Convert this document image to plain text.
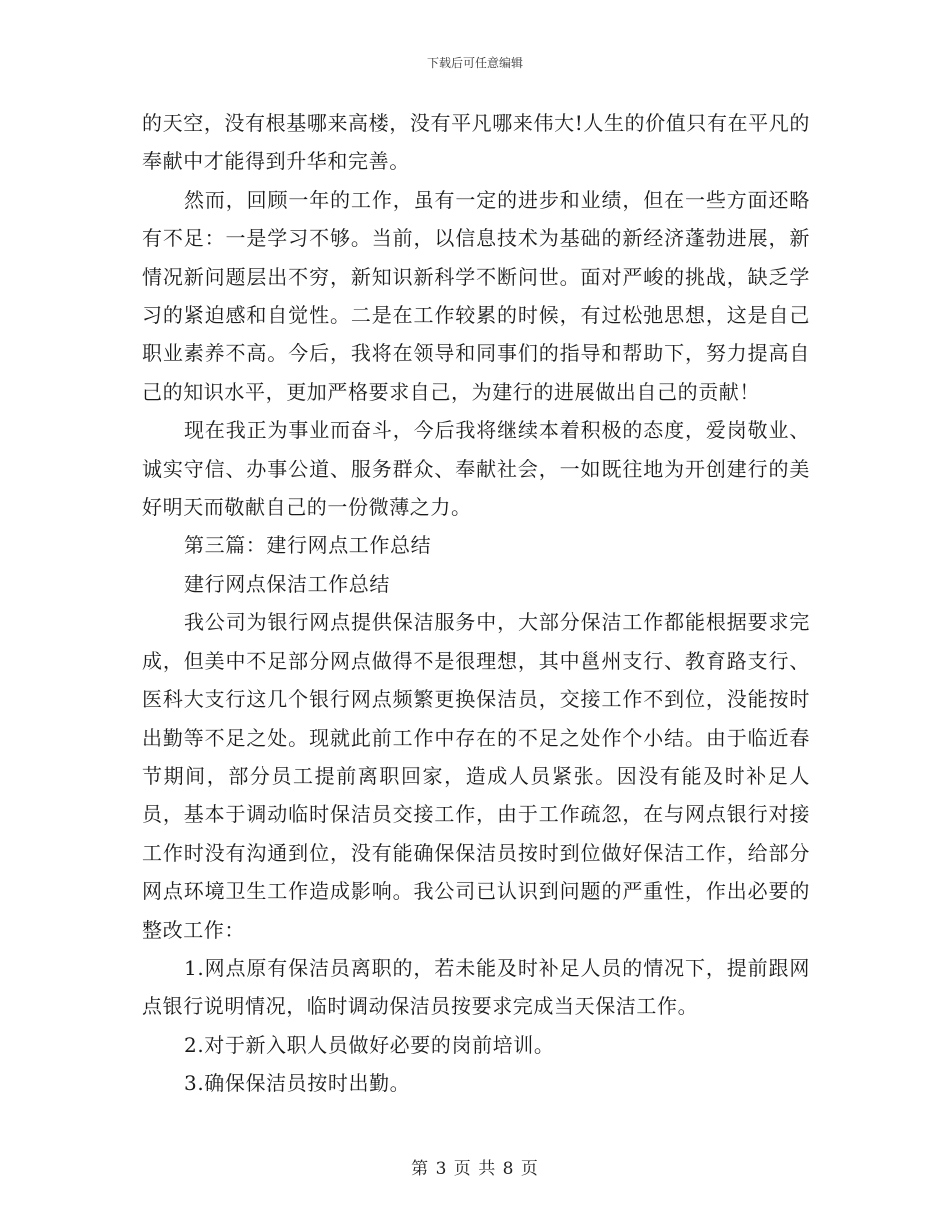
下载后可任意编辑

的天空，没有根基哪来高楼，没有平凡哪来伟大!人生的价值只有在平凡的奉献中才能得到升华和完善。

然而，回顾一年的工作，虽有一定的进步和业绩，但在一些方面还略有不足：一是学习不够。当前，以信息技术为基础的新经济蓬勃进展，新情况新问题层出不穷，新知识新科学不断问世。面对严峻的挑战，缺乏学习的紧迫感和自觉性。二是在工作较累的时候，有过松弛思想，这是自己职业素养不高。今后，我将在领导和同事们的指导和帮助下，努力提高自己的知识水平，更加严格要求自己，为建行的进展做出自己的贡献！

现在我正为事业而奋斗，今后我将继续本着积极的态度，爱岗敬业、诚实守信、办事公道、服务群众、奉献社会，一如既往地为开创建行的美好明天而敬献自己的一份微薄之力。

第三篇：建行网点工作总结

建行网点保洁工作总结

我公司为银行网点提供保洁服务中，大部分保洁工作都能根据要求完成，但美中不足部分网点做得不是很理想，其中邕州支行、教育路支行、医科大支行这几个银行网点频繁更换保洁员，交接工作不到位，没能按时出勤等不足之处。现就此前工作中存在的不足之处作个小结。由于临近春节期间，部分员工提前离职回家，造成人员紧张。因没有能及时补足人员，基本于调动临时保洁员交接工作，由于工作疏忽，在与网点银行对接工作时没有沟通到位，没有能确保保洁员按时到位做好保洁工作，给部分网点环境卫生工作造成影响。我公司已认识到问题的严重性，作出必要的整改工作：

1.网点原有保洁员离职的，若未能及时补足人员的情况下，提前跟网点银行说明情况，临时调动保洁员按要求完成当天保洁工作。

2.对于新入职人员做好必要的岗前培训。

3.确保保洁员按时出勤。

第 3 页 共 8 页
